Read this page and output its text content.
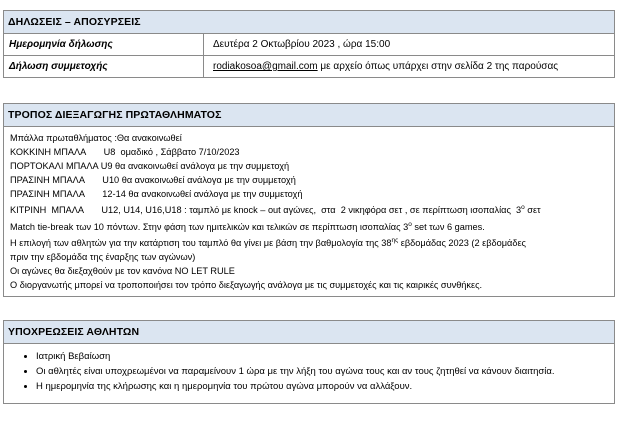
ΔΗΛΩΣΕΙΣ – ΑΠΟΣΥΡΣΕΙΣ
Ημερομηνία δήλωσης	Δευτέρα 2 Οκτωβρίου 2023 , ώρα 15:00
Δήλωση συμμετοχής	rodiakosoa@gmail.com με αρχείο όπως υπάρχει στην σελίδα 2 της παρούσας
ΤΡΟΠΟΣ ΔΙΕΞΑΓΩΓΗΣ ΠΡΩΤΑΘΛΗΜΑΤΟΣ
Μπάλλα πρωταθλήματος :Θα ανακοινωθεί
ΚΟΚΚΙΝΗ ΜΠΑΛΑ       U8  ομαδικό , Σάββατο 7/10/2023
ΠΟΡΤΟΚΑΛΙ ΜΠΑΛΑ U9 θα ανακοινωθεί ανάλογα με την συμμετοχή
ΠΡΑΣΙΝΗ ΜΠΑΛΑ       U10 θα ανακοινωθεί ανάλογα με την συμμετοχή
ΠΡΑΣΙΝΗ ΜΠΑΛΑ       12-14 θα ανακοινωθεί ανάλογα με την συμμετοχή
ΚΙΤΡΙΝΗ  ΜΠΑΛΑ       U12, U14, U16,U18 : ταμπλό με knock – out αγώνες,  στα  2 νικηφόρα σετ , σε περίπτωση ισοπαλίας  $3^o$ σετ
Match tie-break των 10 πόντων. Στην φάση των ημιτελικών και τελικών σε περίπτωση ισοπαλίας $3^o$ set των 6 games.
Η επιλογή των αθλητών για την κατάρτιση του ταμπλό θα γίνει με βάση την βαθμολογία της $38^{\eta\varsigma}$ εβδομάδας 2023 (2 εβδομάδες
πριν την εβδομάδα της έναρξης των αγώνων)
Οι αγώνες θα διεξαχθούν με τον κανόνα NO LET RULE
Ο διοργανωτής μπορεί να τροποποιήσει τον τρόπο διεξαγωγής ανάλογα με τις συμμετοχές και τις καιρικές συνθήκες.
ΥΠΟΧΡΕΩΣΕΙΣ ΑΘΛΗΤΩΝ
• Ιατρική Βεβαίωση
• Οι αθλητές είναι υποχρεωμένοι να παραμείνουν 1 ώρα με την λήξη του αγώνα τους και αν τους ζητηθεί να κάνουν διαιτησία.
• Η ημερομηνία της κλήρωσης και η ημερομηνία του πρώτου αγώνα μπορούν να αλλάξουν.
